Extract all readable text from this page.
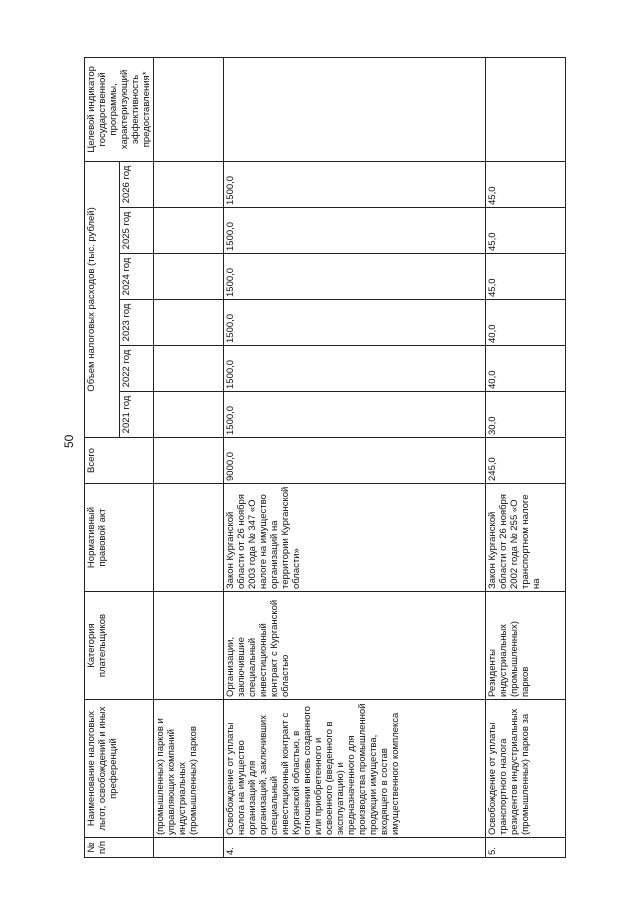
50
№ п/п	Наименование налоговых льгот, освобождений и иных преференций	Категория плательщиков	Нормативный правовой акт	Всего	Объем налоговых расходов (тыс. рублей)						Целевой индикатор государственной программы, характеризующий эффективность предоставления*
					2021 год	2022 год	2023 год	2024 год	2025 год	2026 год	
	(промышленных) парков и управляющих компаний индустриальных (промышленных) парков										
4.	Освобождение от уплаты налога на имущество организаций для организаций, заключивших специальный инвестиционный контракт с Курганской областью, в отношении вновь созданного или приобретенного и освоенного (введенного в эксплуатацию) и предназначенного для производства промышленной продукции имущества, входящего в состав имущественного комплекса	Организации, заключившие специальный инвестиционный контракт с Курганской областью	Закон Курганской области от 26 ноября 2003 года № 347 «О налоге на имущество организаций на территории Курганской области»	9000,0	1500,0	1500,0	1500,0	1500,0	1500,0	1500,0	
5.	Освобождение от уплаты транспортного налога резидентов индустриальных (промышленных) парков за	Резиденты индустриальных (промышленных) парков	Закон Курганской области от 26 ноября 2002 года № 255 «О транспортном налоге на	245,0	30,0	40,0	40,0	45,0	45,0	45,0	
